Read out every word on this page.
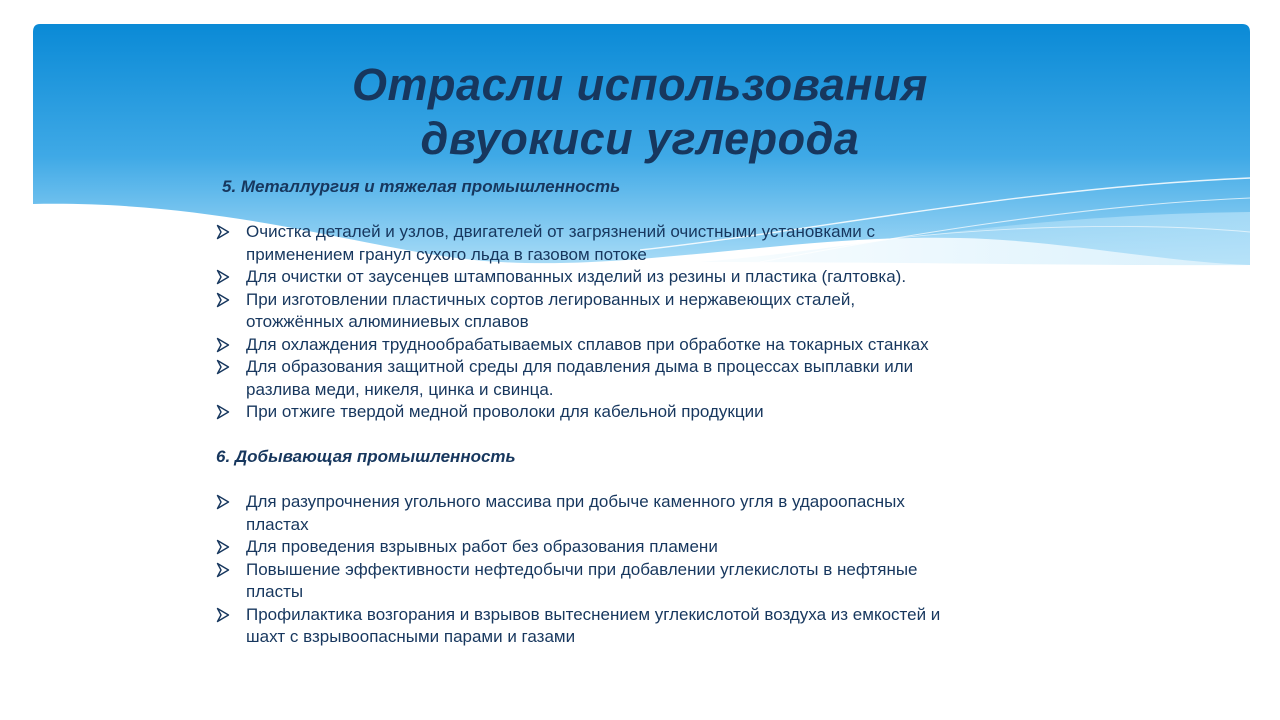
Отрасли использования
двуокиси углерода

5. Металлургия и тяжелая промышленность

Очистка деталей и узлов, двигателей от загрязнений очистными установками с применением гранул сухого льда в газовом потоке
Для очистки от заусенцев штампованных изделий из резины и пластика (галтовка).
При изготовлении пластичных сортов легированных и нержавеющих сталей, отожжённых алюминиевых сплавов
Для охлаждения труднообрабатываемых сплавов при обработке на токарных станках
Для образования защитной среды для подавления дыма в процессах выплавки или разлива меди, никеля, цинка и свинца.
При отжиге твердой медной проволоки для кабельной продукции

6. Добывающая промышленность

Для разупрочнения угольного массива при добыче каменного угля в удароопасных пластах
Для проведения взрывных работ без образования пламени
Повышение эффективности нефтедобычи при добавлении углекислоты в нефтяные пласты
Профилактика возгорания и взрывов вытеснением углекислотой воздуха из емкостей и шахт с взрывоопасными парами и газами
